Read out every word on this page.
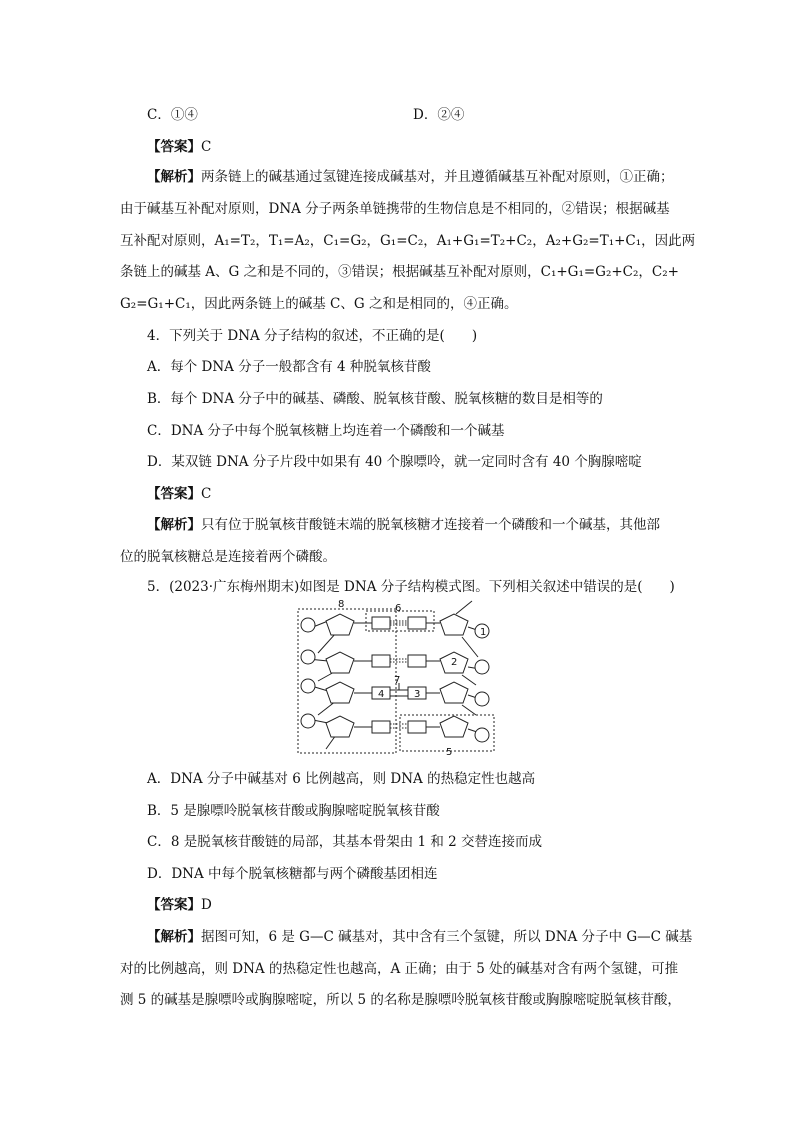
C．①④	D．②④
【答案】C
【解析】两条链上的碱基通过氢键连接成碱基对，并且遵循碱基互补配对原则，①正确；
由于碱基互补配对原则，DNA 分子两条单链携带的生物信息是不相同的，②错误；根据碱基
互补配对原则，A₁=T₂，T₁=A₂，C₁=G₂，G₁=C₂，A₁+G₁=T₂+C₂，A₂+G₂=T₁+C₁，因此两
条链上的碱基 A、G 之和是不同的，③错误；根据碱基互补配对原则，C₁+G₁=G₂+C₂，C₂+
G₂=G₁+C₁，因此两条链上的碱基 C、G 之和是相同的，④正确。
4．下列关于 DNA 分子结构的叙述，不正确的是(　　)
A．每个 DNA 分子一般都含有 4 种脱氧核苷酸
B．每个 DNA 分子中的碱基、磷酸、脱氧核苷酸、脱氧核糖的数目是相等的
C．DNA 分子中每个脱氧核糖上均连着一个磷酸和一个碱基
D．某双链 DNA 分子片段中如果有 40 个腺嘌呤，就一定同时含有 40 个胸腺嘧啶
【答案】C
【解析】只有位于脱氧核苷酸链末端的脱氧核糖才连接着一个磷酸和一个碱基，其他部
位的脱氧核糖总是连接着两个磷酸。
5．(2023·广东梅州期末)如图是 DNA 分子结构模式图。下列相关叙述中错误的是(　　)
1
2
3
4
5
6
7
8
A．DNA 分子中碱基对 6 比例越高，则 DNA 的热稳定性也越高
B．5 是腺嘌呤脱氧核苷酸或胸腺嘧啶脱氧核苷酸
C．8 是脱氧核苷酸链的局部，其基本骨架由 1 和 2 交替连接而成
D．DNA 中每个脱氧核糖都与两个磷酸基团相连
【答案】D
【解析】据图可知，6 是 G—C 碱基对，其中含有三个氢键，所以 DNA 分子中 G—C 碱基
对的比例越高，则 DNA 的热稳定性也越高，A 正确；由于 5 处的碱基对含有两个氢键，可推
测 5 的碱基是腺嘌呤或胸腺嘧啶，所以 5 的名称是腺嘌呤脱氧核苷酸或胸腺嘧啶脱氧核苷酸，
